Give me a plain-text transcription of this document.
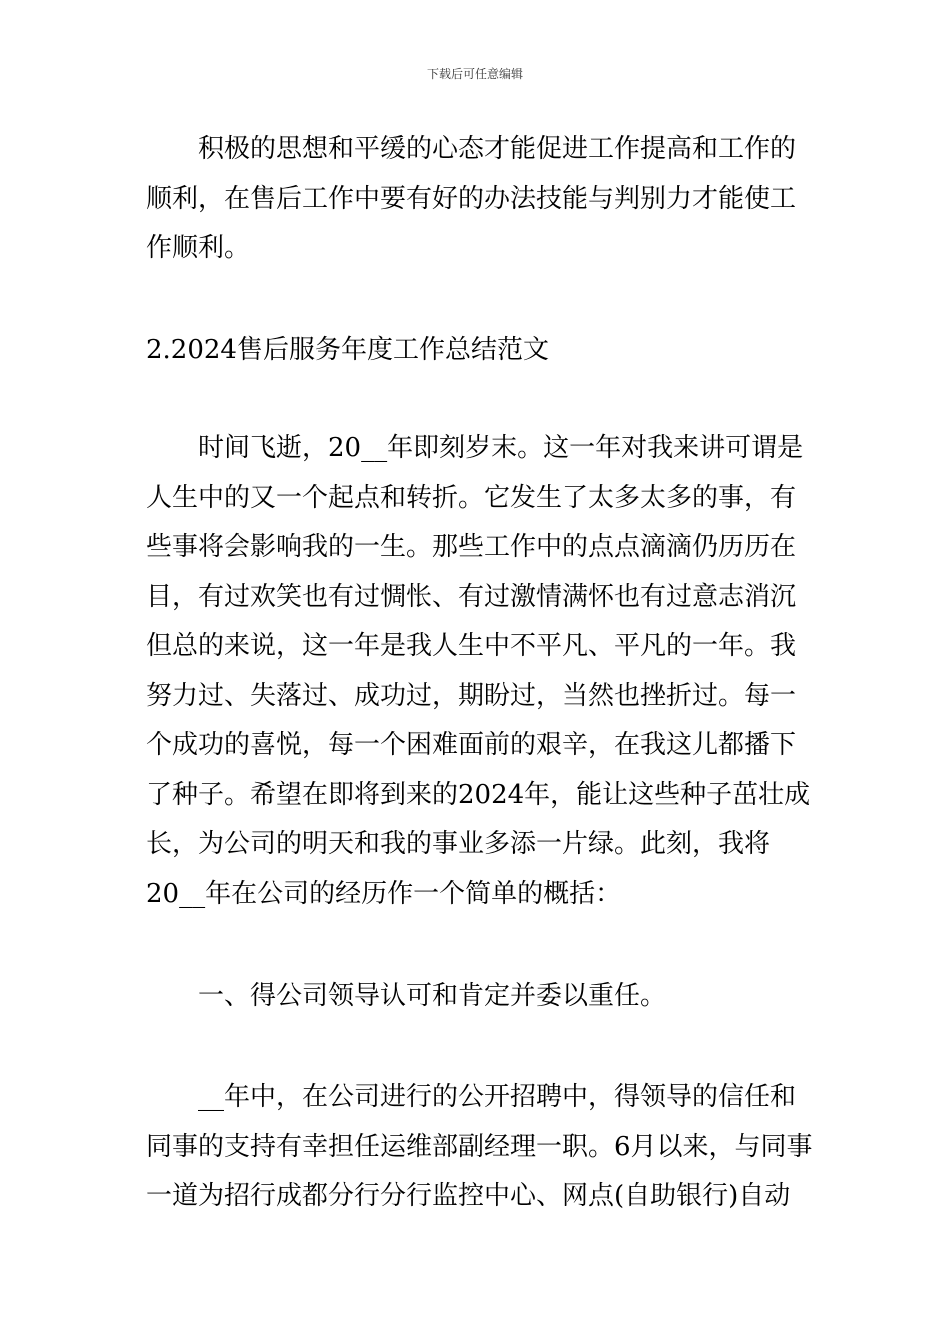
下载后可任意编辑
　　积极的思想和平缓的心态才能促进工作提高和工作的
顺利，在售后工作中要有好的办法技能与判别力才能使工
作顺利。
2.2024售后服务年度工作总结范文
　　时间飞逝，20__年即刻岁末。这一年对我来讲可谓是
人生中的又一个起点和转折。它发生了太多太多的事，有
些事将会影响我的一生。那些工作中的点点滴滴仍历历在
目，有过欢笑也有过惆怅、有过激情满怀也有过意志消沉
但总的来说，这一年是我人生中不平凡、平凡的一年。我
努力过、失落过、成功过，期盼过，当然也挫折过。每一
个成功的喜悦，每一个困难面前的艰辛，在我这儿都播下
了种子。希望在即将到来的2024年，能让这些种子茁壮成
长，为公司的明天和我的事业多添一片绿。此刻，我将
20__年在公司的经历作一个简单的概括：
　　一、得公司领导认可和肯定并委以重任。
　　__年中，在公司进行的公开招聘中，得领导的信任和
同事的支持有幸担任运维部副经理一职。6月以来，与同事
一道为招行成都分行分行监控中心、网点(自助银行)自动
